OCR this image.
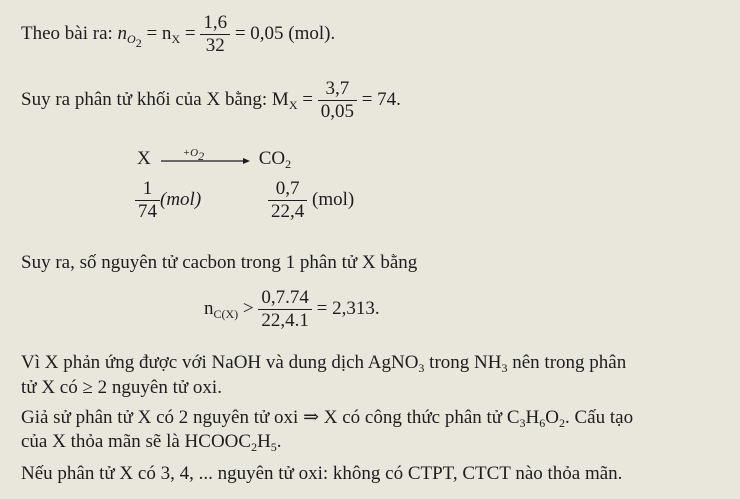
Theo bài ra: $n_{O_2} = n_X = \frac{1,6}{32} = 0,05$ (mol).
Suy ra phân tử khối của X bằng: $M_X = \frac{3,7}{0,05} = 74$.
X	$+O_2$	$CO_2$
$\frac{1}{74} (mol)$	$\frac{0,7}{22,4} (mol)$
Suy ra, số nguyên tử cacbon trong 1 phân tử X bằng
$n_{C(X)} > \frac{0,7.74}{22,4.1} = 2,313$.
Vì X phản ứng được với NaOH và dung dịch AgNO$_3$ trong $NH_3$ nên trong phân
tử X có ≥ 2 nguyên tử oxi.
Giả sử phân tử X có 2 nguyên tử oxi ⇒ X có công thức phân tử $C_3H_6O_2$. Cấu tạo
của X thỏa mãn sẽ là $HCOOC_2H_5$.
Nếu phân tử X có 3, 4, ... nguyên tử oxi: không có CTPT, CTCT nào thỏa mãn.
